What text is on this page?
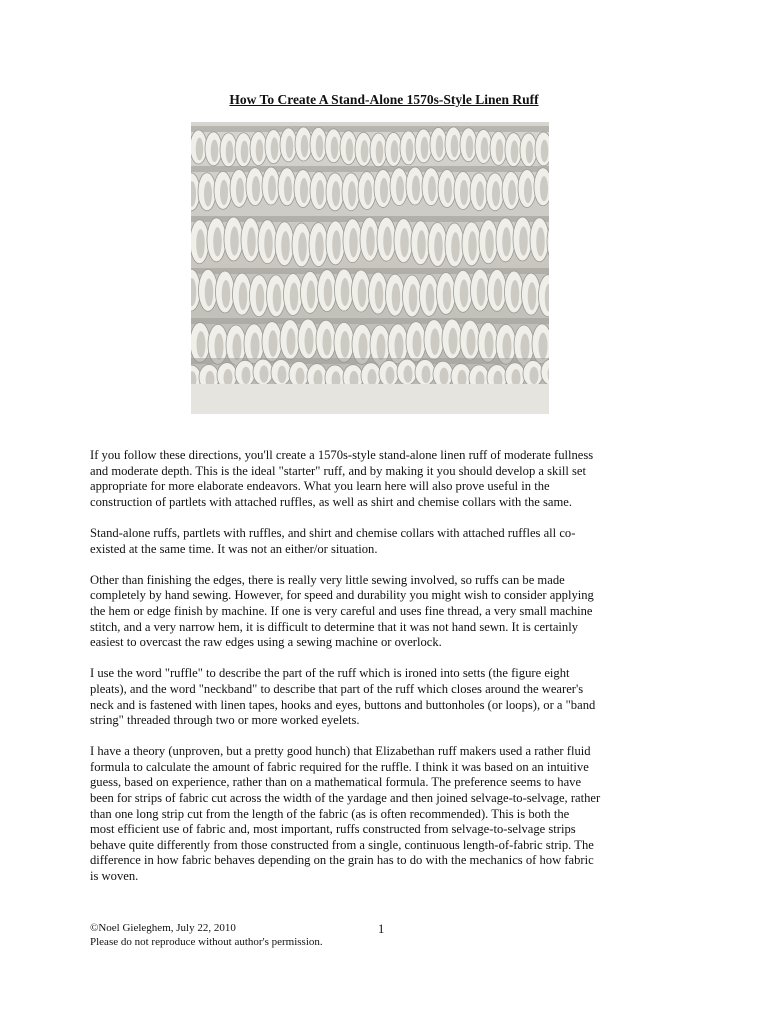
How To Create A Stand-Alone 1570s-Style Linen Ruff

If you follow these directions, you'll create a 1570s-style stand-alone linen ruff of moderate fullness
and moderate depth. This is the ideal "starter" ruff, and by making it you should develop a skill set
appropriate for more elaborate endeavors. What you learn here will also prove useful in the
construction of partlets with attached ruffles, as well as shirt and chemise collars with the same.

Stand-alone ruffs, partlets with ruffles, and shirt and chemise collars with attached ruffles all co-
existed at the same time. It was not an either/or situation.

Other than finishing the edges, there is really very little sewing involved, so ruffs can be made
completely by hand sewing. However, for speed and durability you might wish to consider applying
the hem or edge finish by machine. If one is very careful and uses fine thread, a very small machine
stitch, and a very narrow hem, it is difficult to determine that it was not hand sewn. It is certainly
easiest to overcast the raw edges using a sewing machine or overlock.

I use the word "ruffle" to describe the part of the ruff which is ironed into setts (the figure eight
pleats), and the word "neckband" to describe that part of the ruff which closes around the wearer's
neck and is fastened with linen tapes, hooks and eyes, buttons and buttonholes (or loops), or a "band
string" threaded through two or more worked eyelets.

I have a theory (unproven, but a pretty good hunch) that Elizabethan ruff makers used a rather fluid
formula to calculate the amount of fabric required for the ruffle. I think it was based on an intuitive
guess, based on experience, rather than on a mathematical formula. The preference seems to have
been for strips of fabric cut across the width of the yardage and then joined selvage-to-selvage, rather
than one long strip cut from the length of the fabric (as is often recommended). This is both the
most efficient use of fabric and, most important, ruffs constructed from selvage-to-selvage strips
behave quite differently from those constructed from a single, continuous length-of-fabric strip. The
difference in how fabric behaves depending on the grain has to do with the mechanics of how fabric
is woven.

©Noel Gieleghem, July 22, 2010
Please do not reproduce without author's permission.
1
